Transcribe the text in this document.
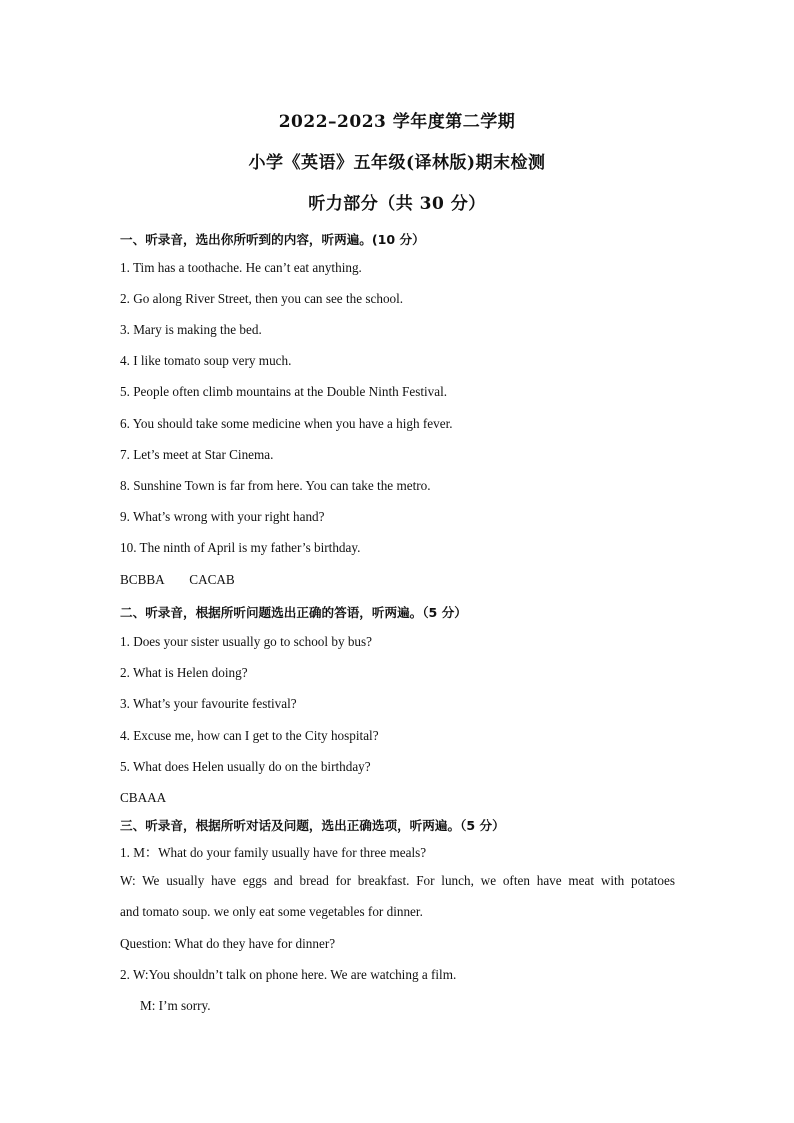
2022–2023 学年度第二学期
小学《英语》五年级(译林版)期末检测
听力部分（共 30 分）
一、听录音，选出你所听到的内容，听两遍。(10 分）
1. Tim has a toothache. He can’t eat anything.
2. Go along River Street, then you can see the school.
3. Mary is making the bed.
4. I like tomato soup very much.
5. People often climb mountains at the Double Ninth Festival.
6. You should take some medicine when you have a high fever.
7. Let’s meet at Star Cinema.
8. Sunshine Town is far from here. You can take the metro.
9. What’s wrong with your right hand?
10. The ninth of April is my father’s birthday.
BCBBA CACAB
二、听录音，根据所听问题选出正确的答语，听两遍。（5 分）
1. Does your sister usually go to school by bus?
2. What is Helen doing?
3. What’s your favourite festival?
4. Excuse me, how can I get to the City hospital?
5. What does Helen usually do on the birthday?
CBAAA
三、听录音，根据所听对话及问题，选出正确选项，听两遍。（5 分）
1. M：What do your family usually have for three meals?
W: We usually have eggs and bread for breakfast. For lunch, we often have meat with potatoes
and tomato soup. we only eat some vegetables for dinner.
Question: What do they have for dinner?
2. W:You shouldn’t talk on phone here. We are watching a film.
M: I’m sorry.
